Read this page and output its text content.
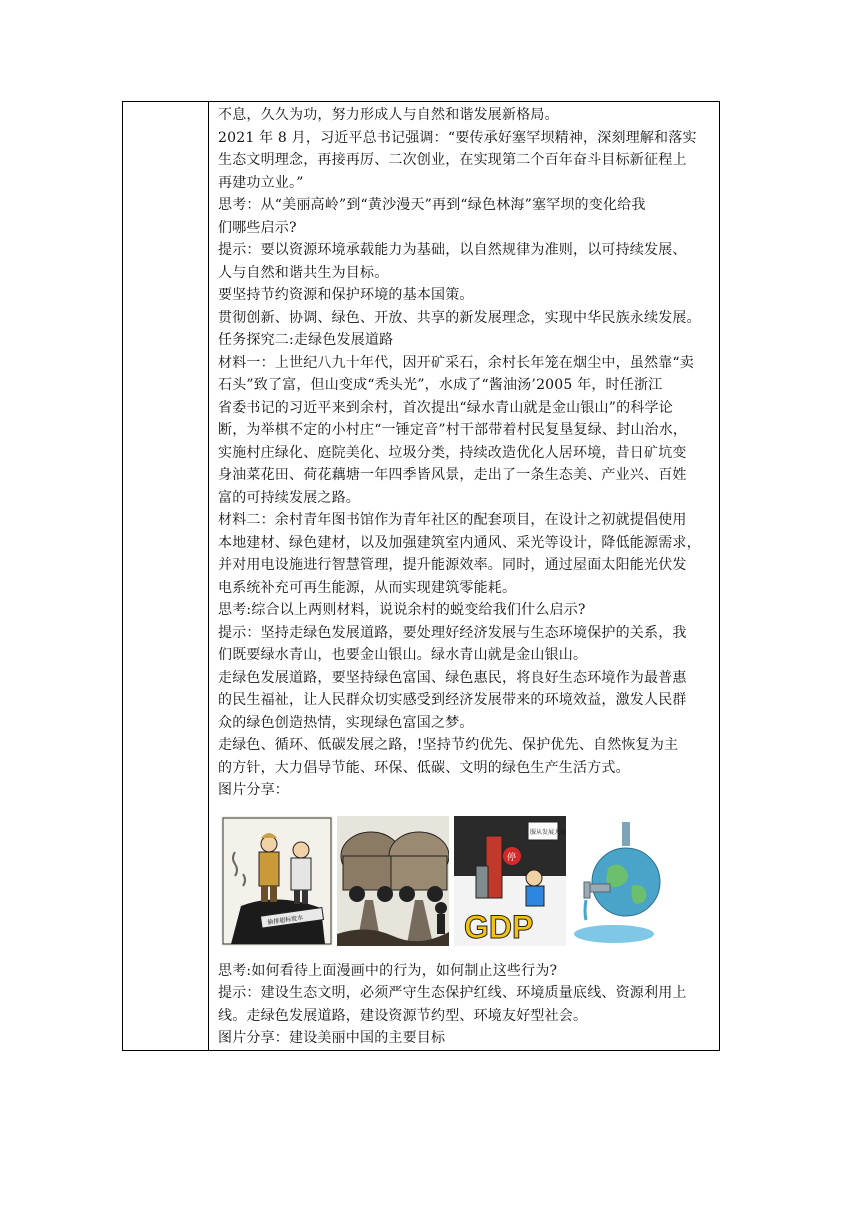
不息，久久为功，努力形成人与自然和谐发展新格局。
2021 年 8 月，习近平总书记强调：“要传承好塞罕坝精神，深刻理解和落实
生态文明理念，再接再厉、二次创业，在实现第二个百年奋斗目标新征程上
再建功立业。”
思考：从“美丽高岭”到“黄沙漫天”再到“绿色林海”塞罕坝的变化给我
们哪些启示?
提示：要以资源环境承载能力为基础，以自然规律为准则，以可持续发展、
人与自然和谐共生为目标。
要坚持节约资源和保护环境的基本国策。
贯彻创新、协调、绿色、开放、共享的新发展理念，实现中华民族永续发展。
任务探究二:走绿色发展道路
材料一：上世纪八九十年代，因开矿采石，余村长年笼在烟尘中，虽然靠“卖
石头”致了富，但山变成“秃头光”，水成了“酱油汤’2005 年，时任浙江
省委书记的习近平来到余村，首次提出“绿水青山就是金山银山”的科学论
断，为举棋不定的小村庄“一锤定音”村干部带着村民复垦复绿、封山治水，
实施村庄绿化、庭院美化、垃圾分类，持续改造优化人居环境，昔日矿坑变
身油菜花田、荷花藕塘一年四季皆风景，走出了一条生态美、产业兴、百姓
富的可持续发展之路。
材料二：余村青年图书馆作为青年社区的配套项目，在设计之初就提倡使用
本地建材、绿色建材，以及加强建筑室内通风、采光等设计，降低能源需求，
并对用电设施进行智慧管理，提升能源效率。同时，通过屋面太阳能光伏发
电系统补充可再生能源，从而实现建筑零能耗。
思考:综合以上两则材料，说说余村的蜕变给我们什么启示?
提示：坚持走绿色发展道路，要处理好经济发展与生态环境保护的关系，我
们既要绿水青山，也要金山银山。绿水青山就是金山银山。
走绿色发展道路，要坚持绿色富国、绿色惠民，将良好生态环境作为最普惠
的民生福祉，让人民群众切实感受到经济发展带来的环境效益，激发人民群
众的绿色创造热情，实现绿色富国之梦。
走绿色、循环、低碳发展之路，!坚持节约优先、保护优先、自然恢复为主
的方针，大力倡导节能、环保、低碳、文明的绿色生产生活方式。
图片分享：
偷排超标废水
服从发展大局
停
GDP
思考:如何看待上面漫画中的行为，如何制止这些行为?
提示：建设生态文明，必须严守生态保护红线、环境质量底线、资源利用上
线。走绿色发展道路，建设资源节约型、环境友好型社会。
图片分享：建设美丽中国的主要目标
